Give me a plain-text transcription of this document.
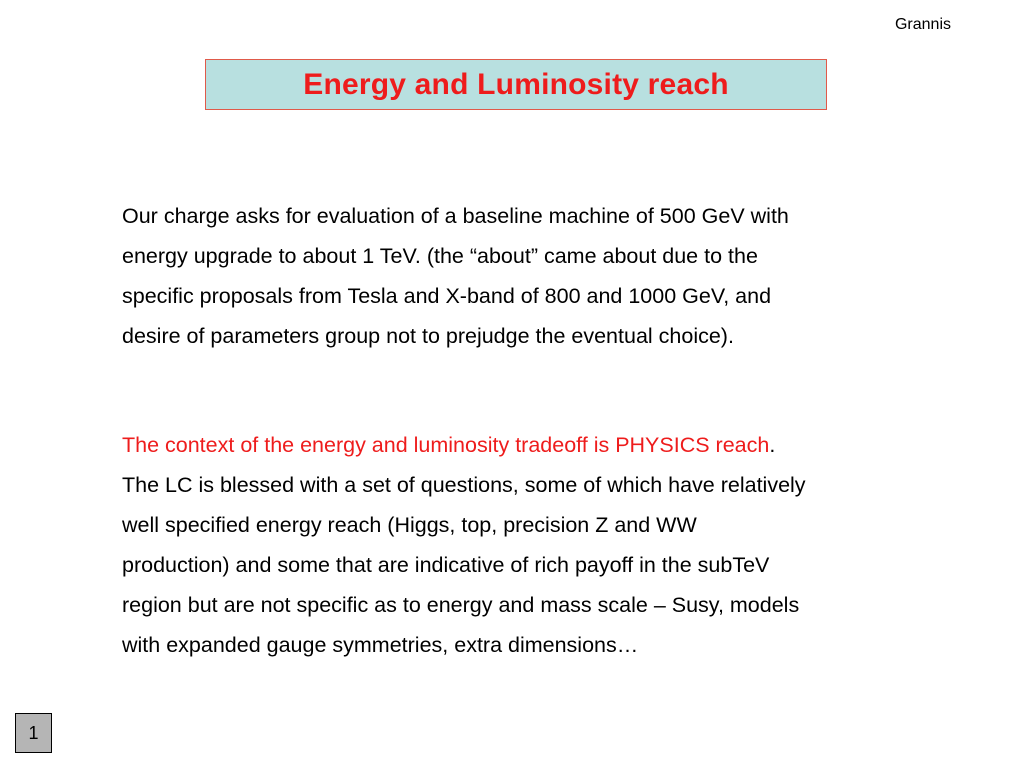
Grannis
Energy and Luminosity reach

Our charge asks for evaluation of a baseline machine of 500 GeV with
energy upgrade to about 1 TeV. (the “about” came about due to the
specific proposals from Tesla and X-band of 800 and 1000 GeV, and
desire of parameters group not to prejudge the eventual choice).

The context of the energy and luminosity tradeoff is PHYSICS reach.
The LC is blessed with a set of questions, some of which have relatively
well specified energy reach (Higgs, top, precision Z and WW
production) and some that are indicative of rich payoff in the subTeV
region but are not specific as to energy and mass scale – Susy, models
with expanded gauge symmetries, extra dimensions…

1
